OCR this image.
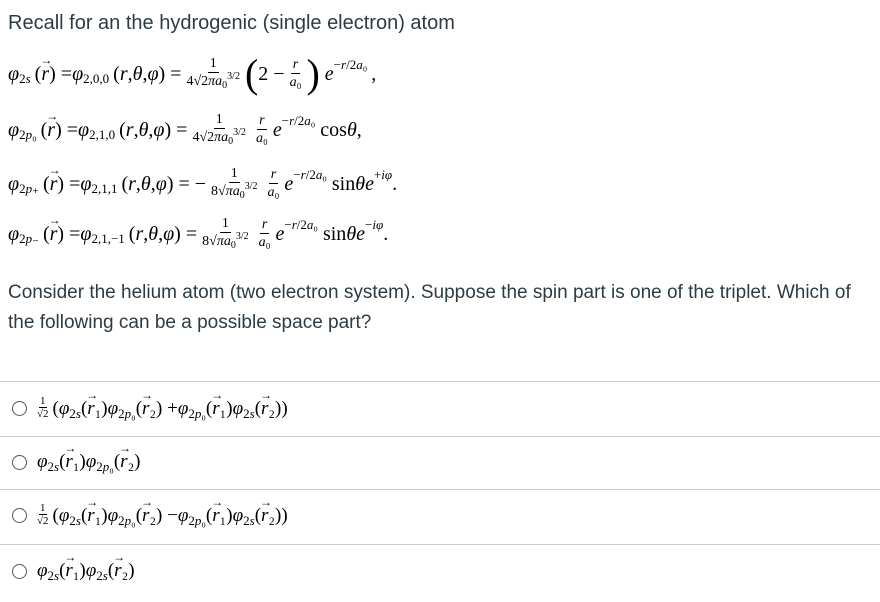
Recall for an the hydrogenic (single electron) atom
φ 2s  ( → r ) = φ 2,0,0  ( r , θ , φ ) = $\frac{1}{4√2\pi a_0^{3/2}}$ ( $2 - \frac{r}{\text{a₀}}$ )
e −r/2a₀  ,
φ 2p₀  ( → r ) = φ 2,1,0  ( r , θ , φ ) = $\frac{1}{4√2\pi a_0^{3/2}} \frac{r}{\text{a₀}}$ e −r/2a₀ cos θ ,
φ 2p₊  ( → r ) = φ 2,1,1  ( r , θ , φ ) = − $\frac{1}{8√\pi a_0^{3/2}} \frac{r}{\text{a₀}}$ e −r/2a₀ sin θ e +iφ .
φ 2p₋  ( → r ) = φ 2,1,−1  ( r , θ , φ ) = $\frac{1}{8√\pi a_0^{3/2}} \frac{r}{\text{a₀}}$ e −r/2a₀ sin θ e −iφ .
Consider the helium atom (two electron system). Suppose the spin part is one of the triplet. Which of the following can be a possible space part?
$\frac{1}{√2}$ ( φ 2s ( → r ₁) φ 2p₀ ( → r ₂) + φ 2p₀ ( → r ₁) φ 2s ( → r ₂))
φ 2s ( → r ₁) φ 2p₀ ( → r ₂)
$\frac{1}{√2}$ ( φ 2s ( → r ₁) φ 2p₀ ( → r ₂) − φ 2p₀ ( → r ₁) φ 2s ( → r ₂))
φ 2s ( → r ₁) φ 2s ( → r ₂)
